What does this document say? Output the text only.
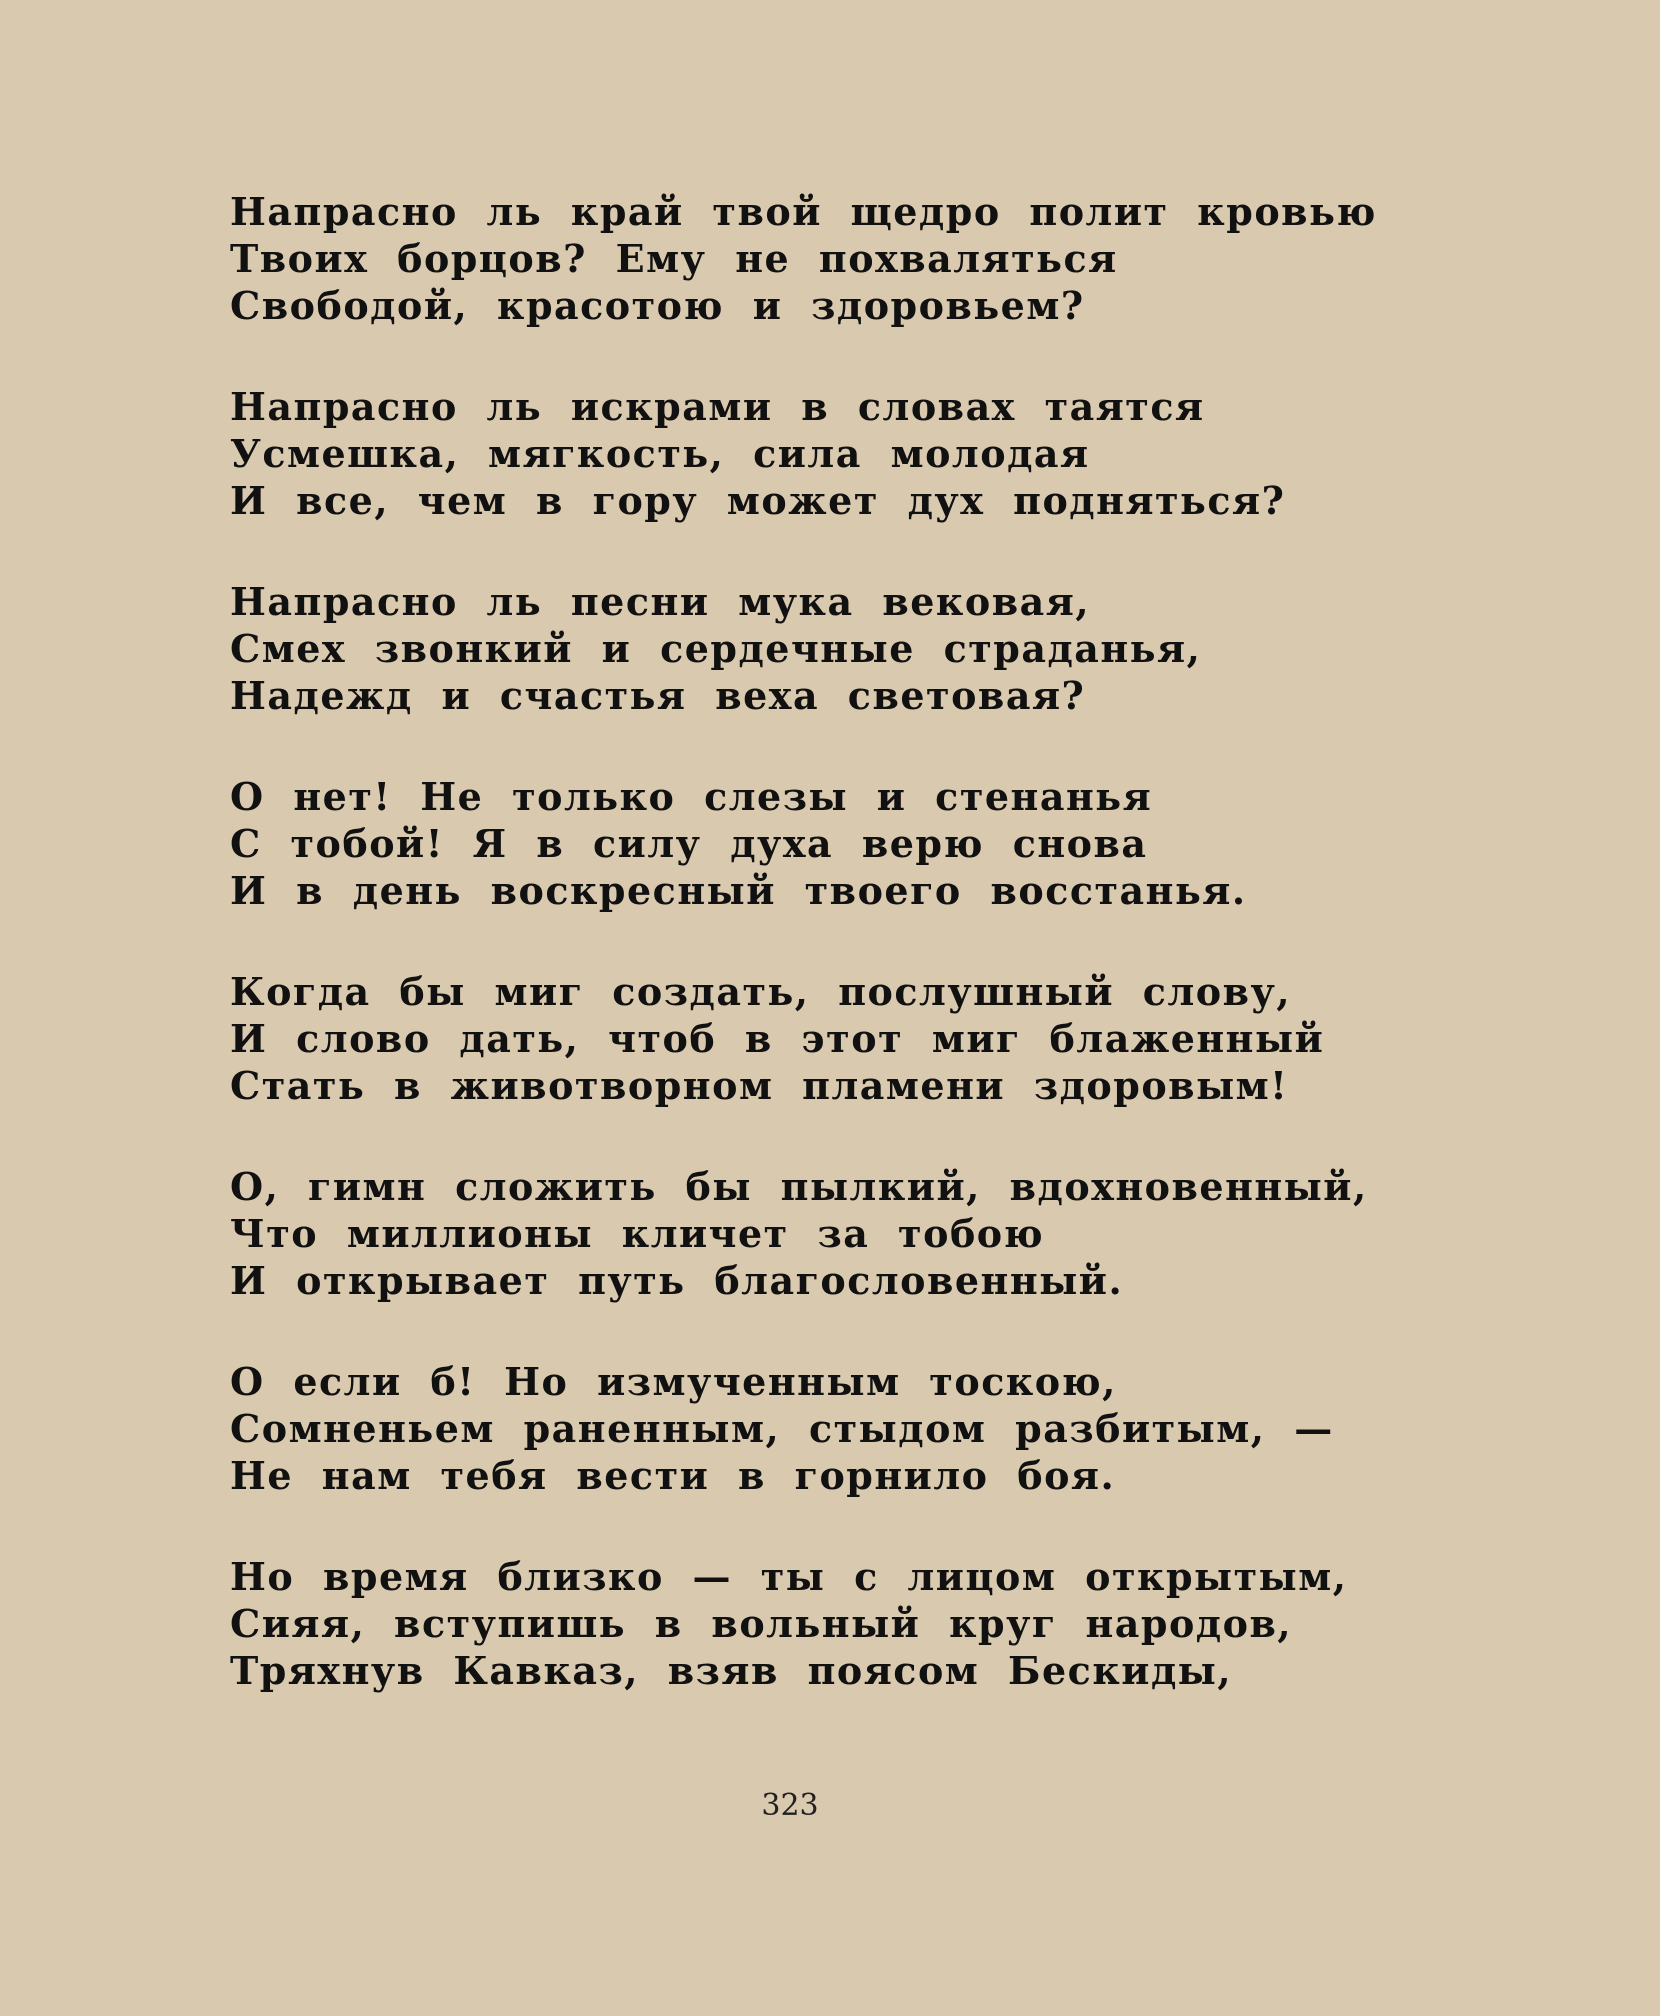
Напрасно ль край твой щедро полит кровью
Твоих борцов? Ему не похваляться
Свободой, красотою и здоровьем?
Напрасно ль искрами в словах таятся
Усмешка, мягкость, сила молодая
И все, чем в гору может дух подняться?
Напрасно ль песни мука вековая,
Смех звонкий и сердечные страданья,
Надежд и счастья веха световая?
О нет! Не только слезы и стенанья
С тобой! Я в силу духа верю снова
И в день воскресный твоего восстанья.
Когда бы миг создать, послушный слову,
И слово дать, чтоб в этот миг блаженный
Стать в животворном пламени здоровым!
О, гимн сложить бы пылкий, вдохновенный,
Что миллионы кличет за тобою
И открывает путь благословенный.
О если б! Но измученным тоскою,
Сомненьем раненным, стыдом разбитым, —
Не нам тебя вести в горнило боя.
Но время близко — ты с лицом открытым,
Сияя, вступишь в вольный круг народов,
Тряхнув Кавказ, взяв поясом Бескиды,
323
